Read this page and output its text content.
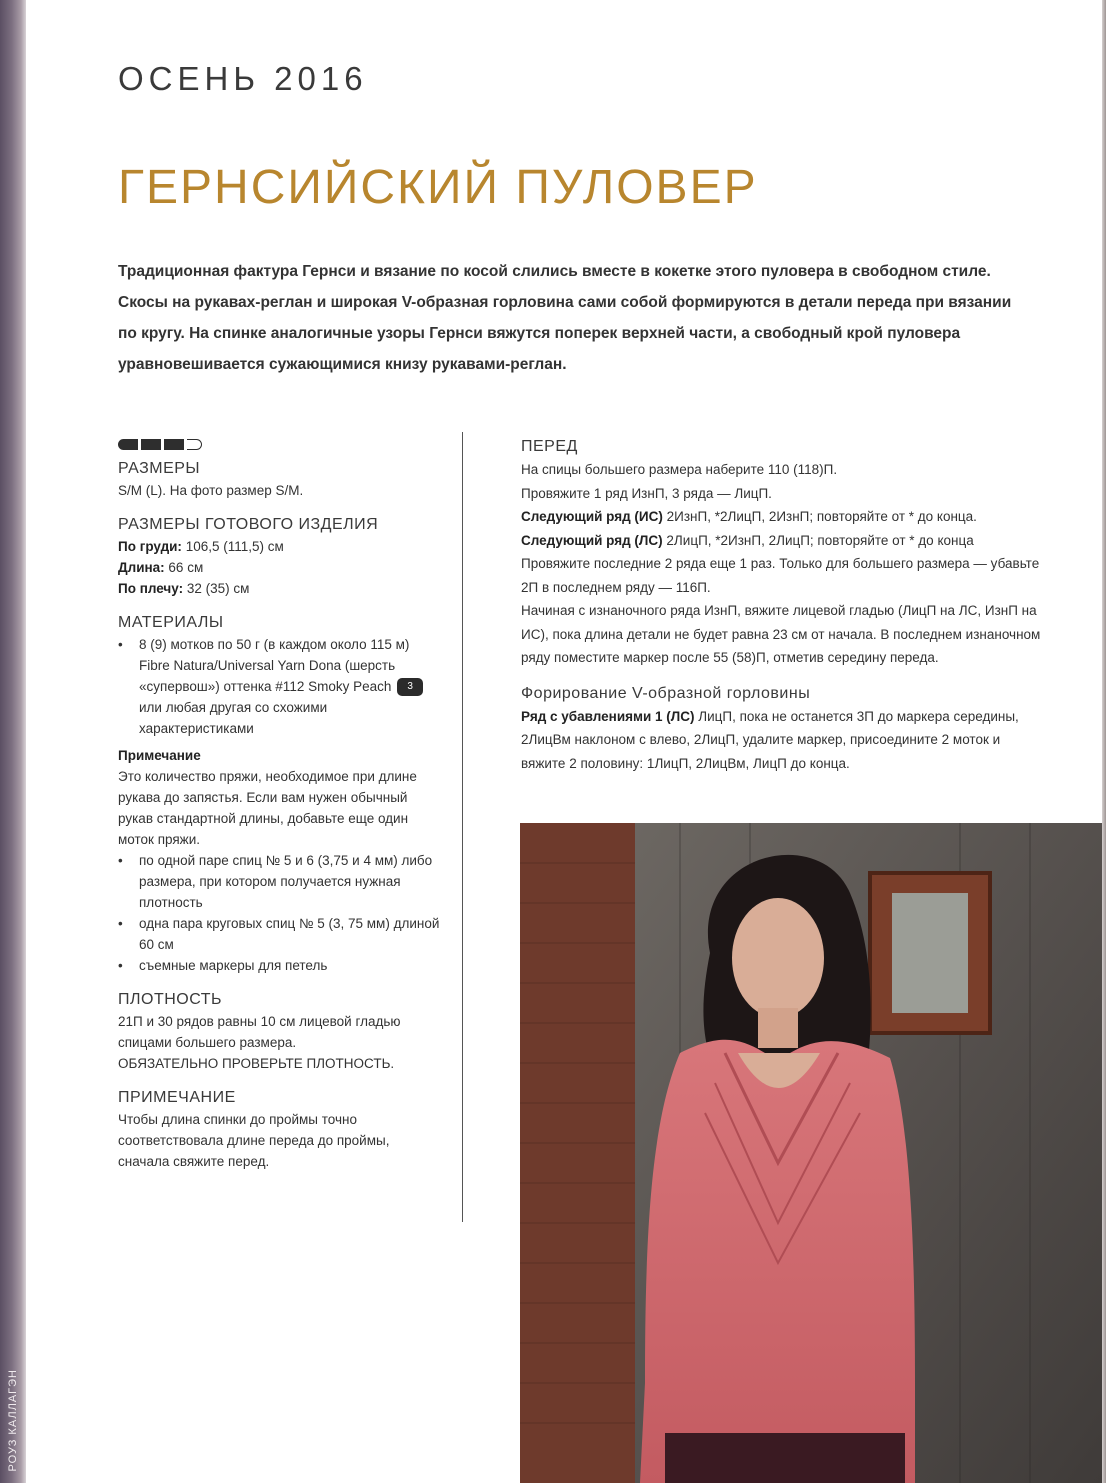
РОУЗ КАЛЛАГЭН
ОСЕНЬ 2016
ГЕРНСИЙСКИЙ ПУЛОВЕР

Традиционная фактура Гернси и вязание по косой слились вместе в кокетке этого пуловера в свободном стиле. Скосы на рукавах-реглан и широкая V-образная горловина сами собой формируются в детали переда при вязании по кругу. На спинке аналогичные узоры Гернси вяжутся поперек верхней части, а свободный крой пуловера уравновешивается сужающимися книзу рукавами-реглан.

РАЗМЕРЫ

S/M (L). На фото размер S/M.

РАЗМЕРЫ ГОТОВОГО ИЗДЕЛИЯ

По груди: 106,5 (111,5) см

Длина: 66 см

По плечу: 32 (35) см

МАТЕРИАЛЫ
• 8 (9) мотков по 50 г (в каждом около 115 м) Fibre Natura/Universal Yarn Dona (шерсть «супервош») оттенка #112 Smoky Peach 3 или любая другая со схожими характеристиками

Примечание

Это количество пряжи, необходимое при длине рукава до запястья. Если вам нужен обычный рукав стандартной длины, добавьте еще один моток пряжи.

• по одной паре спиц № 5 и 6 (3,75 и 4 мм) либо размера, при котором получается нужная плотность
• одна пара круговых спиц № 5 (3, 75 мм) длиной 60 см
• съемные маркеры для петель
ПЛОТНОСТЬ

21П и 30 рядов равны 10 см лицевой гладью спицами большего размера.

ОБЯЗАТЕЛЬНО ПРОВЕРЬТЕ ПЛОТНОСТЬ.

ПРИМЕЧАНИЕ

Чтобы длина спинки до проймы точно соответствовала длине переда до проймы, сначала свяжите перед.

ПЕРЕД

На спицы большего размера наберите 110 (118)П.

Провяжите 1 ряд ИзнП, 3 ряда — ЛицП.

Следующий ряд (ИС) 2ИзнП, *2ЛицП, 2ИзнП; повторяйте от * до конца.

Следующий ряд (ЛС) 2ЛицП, *2ИзнП, 2ЛицП; повторяйте от * до конца

Провяжите последние 2 ряда еще 1 раз. Только для большего размера — убавьте 2П в последнем ряду — 116П.

Начиная с изнаночного ряда ИзнП, вяжите лицевой гладью (ЛицП на ЛС, ИзнП на ИС), пока длина детали не будет равна 23 см от начала. В последнем изнаночном ряду поместите маркер после 55 (58)П, отметив середину переда.

Форирование V-образной горловины

Ряд с убавлениями 1 (ЛС) ЛицП, пока не останется 3П до маркера середины, 2ЛицВм наклоном с влево, 2ЛицП, удалите маркер, присоедините 2 моток и вяжите 2 половину: 1ЛицП, 2ЛицВм, ЛицП до конца.
